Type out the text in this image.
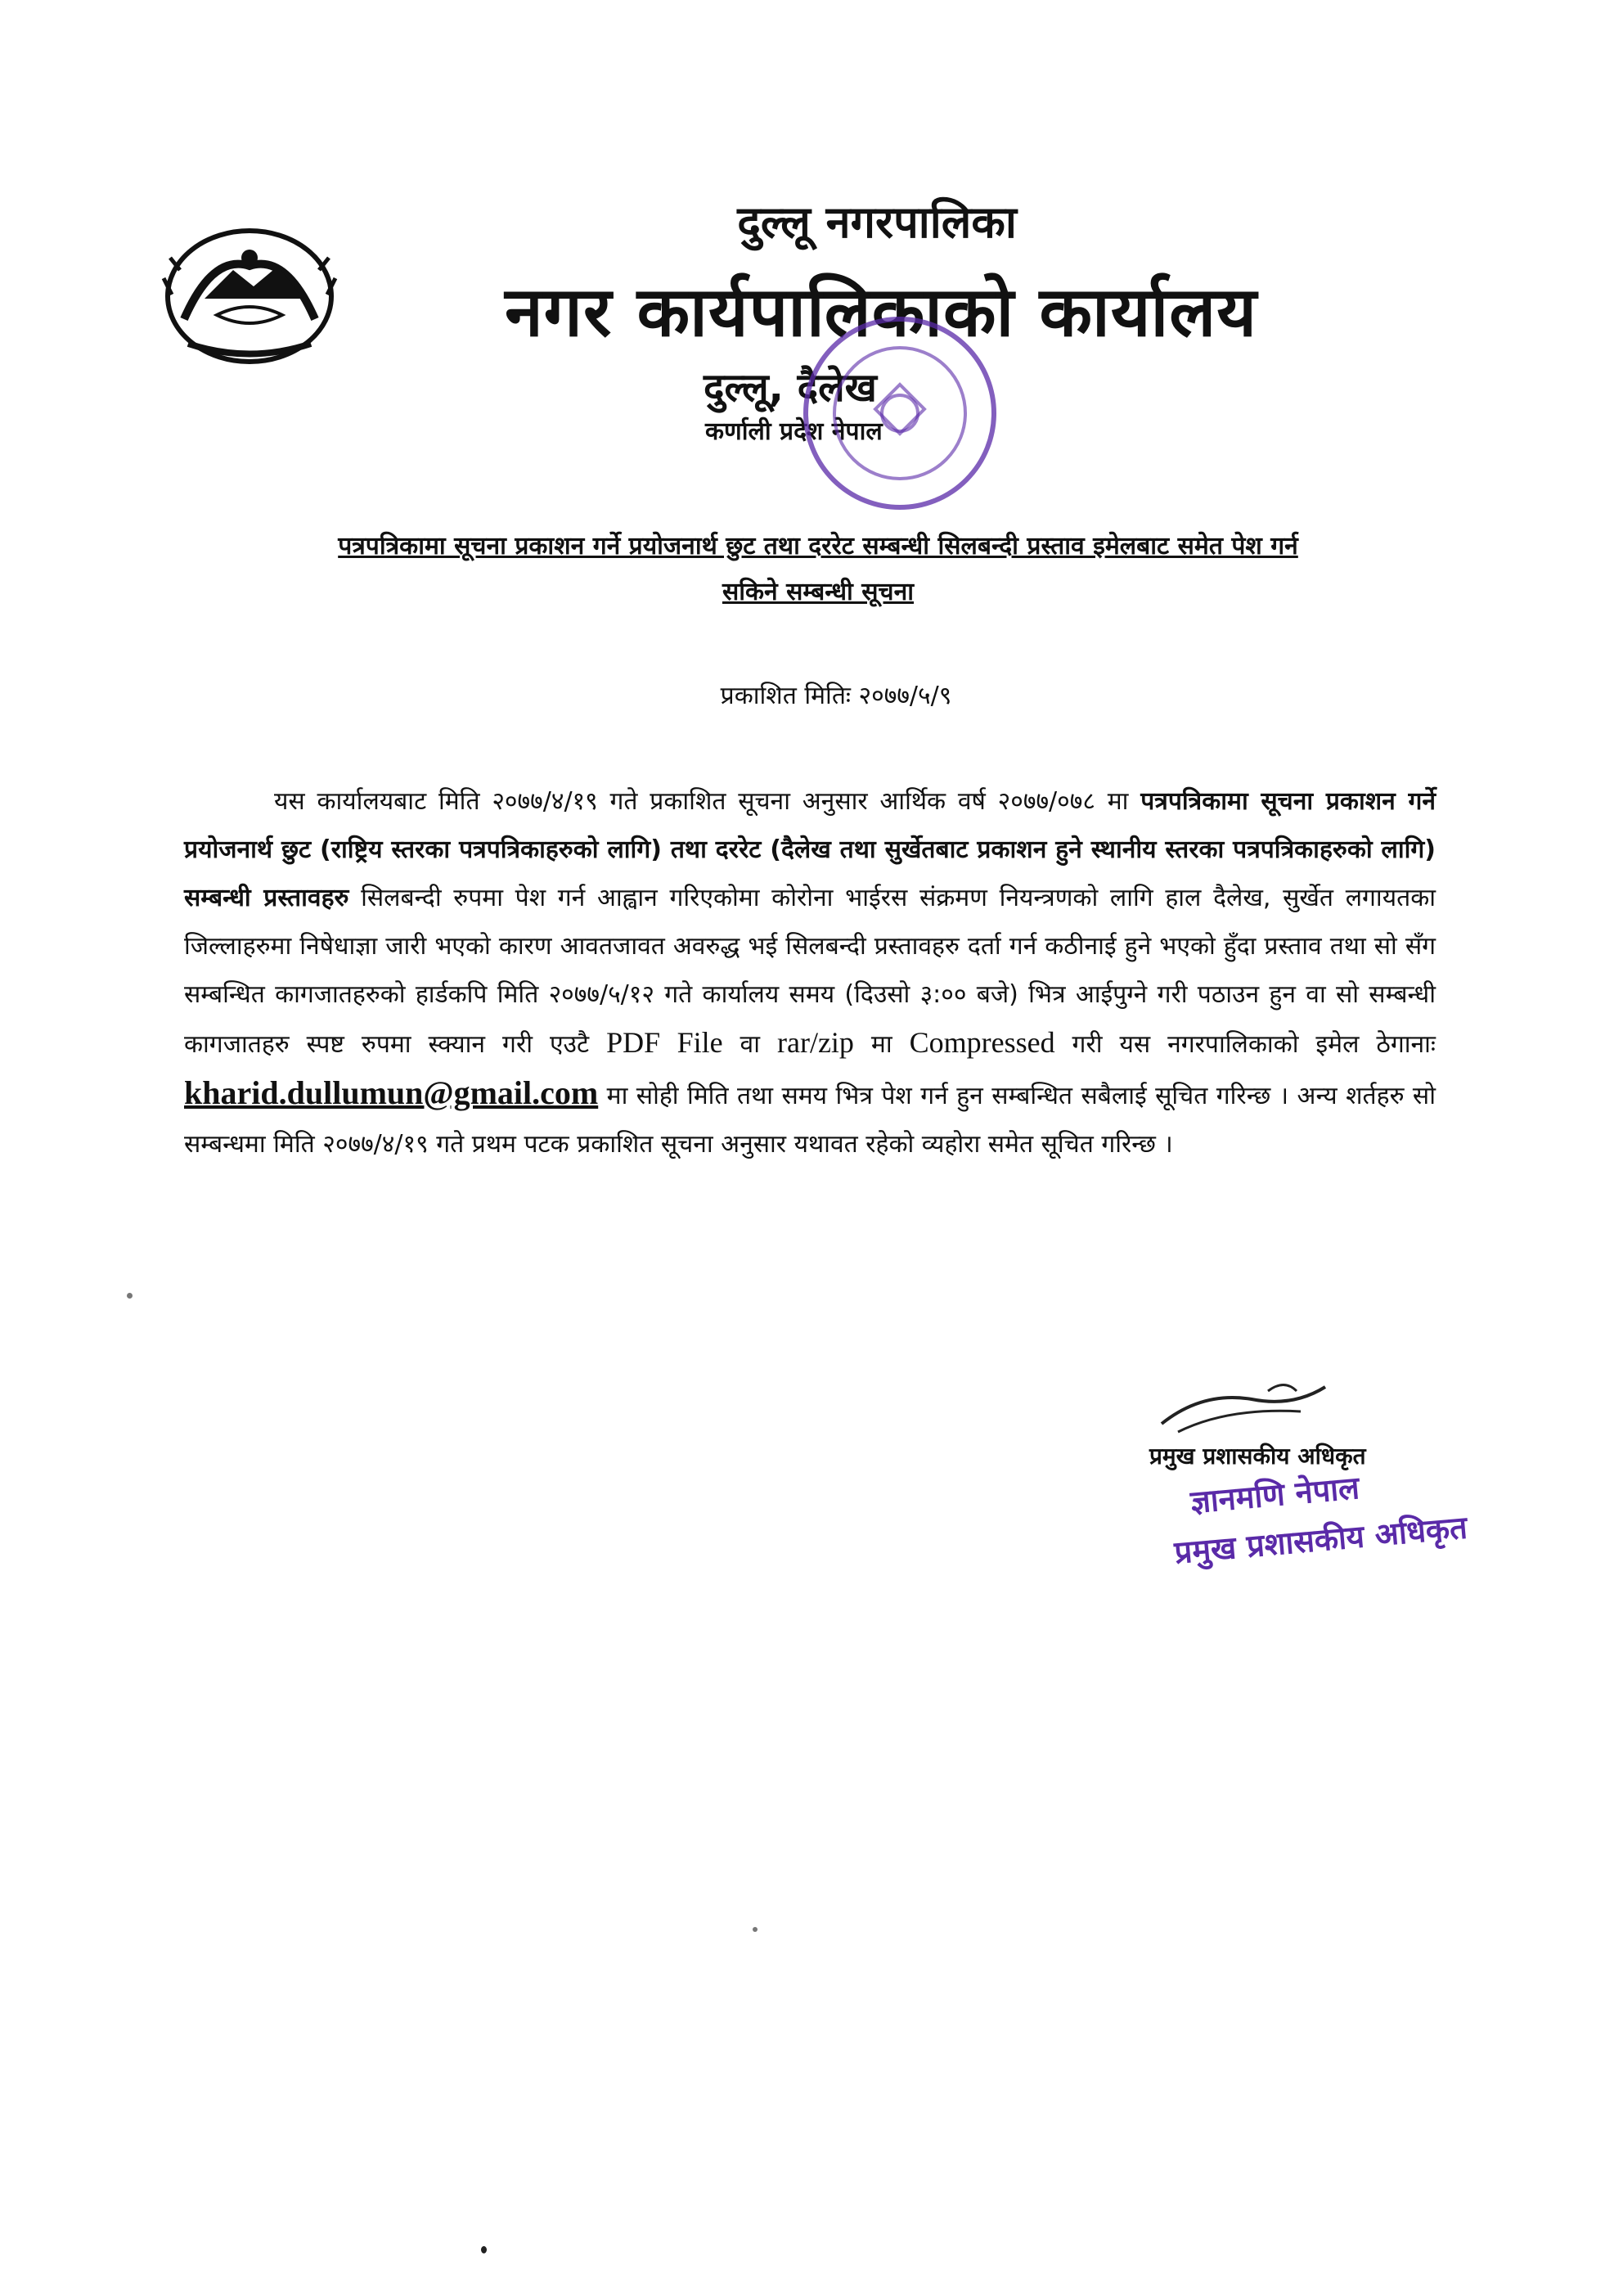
दुल्लू नगरपालिका
नगर कार्यपालिकाको कार्यालय
दुल्लू, दैलेख
कर्णाली प्रदेश नेपाल
पत्रपत्रिकामा सूचना प्रकाशन गर्ने प्रयोजनार्थ छुट तथा दररेट सम्बन्धी सिलबन्दी प्रस्ताव इमेलबाट समेत पेश गर्न
सकिने सम्बन्धी सूचना
प्रकाशित मितिः २०७७/५/९
यस कार्यालयबाट मिति २०७७/४/१९ गते प्रकाशित सूचना अनुसार आर्थिक वर्ष २०७७/०७८ मा पत्रपत्रिकामा सूचना प्रकाशन गर्ने प्रयोजनार्थ छुट (राष्ट्रिय स्तरका पत्रपत्रिकाहरुको लागि) तथा दररेट (दैलेख तथा सुर्खेतबाट प्रकाशन हुने स्थानीय स्तरका पत्रपत्रिकाहरुको लागि) सम्बन्धी प्रस्तावहरु सिलबन्दी रुपमा पेश गर्न आह्वान गरिएकोमा कोरोना भाईरस संक्रमण नियन्त्रणको लागि हाल दैलेख, सुर्खेत लगायतका जिल्लाहरुमा निषेधाज्ञा जारी भएको कारण आवतजावत अवरुद्ध भई सिलबन्दी प्रस्तावहरु दर्ता गर्न कठीनाई हुने भएको हुँदा प्रस्ताव तथा सो सँग सम्बन्धित कागजातहरुको हार्डकपि मिति २०७७/५/१२ गते कार्यालय समय (दिउसो ३:०० बजे) भित्र आईपुग्ने गरी पठाउन हुन वा सो सम्बन्धी कागजातहरु स्पष्ट रुपमा स्क्यान गरी एउटै PDF File वा rar/zip मा Compressed गरी यस नगरपालिकाको इमेल ठेगानाः kharid.dullumun@gmail.com मा सोही मिति तथा समय भित्र पेश गर्न हुन सम्बन्धित सबैलाई सूचित गरिन्छ । अन्य शर्तहरु सो सम्बन्धमा मिति २०७७/४/१९ गते प्रथम पटक प्रकाशित सूचना अनुसार यथावत रहेको व्यहोरा समेत सूचित गरिन्छ ।
प्रमुख प्रशासकीय अधिकृत
ज्ञानमणि नेपाल
प्रमुख प्रशासकीय अधिकृत
